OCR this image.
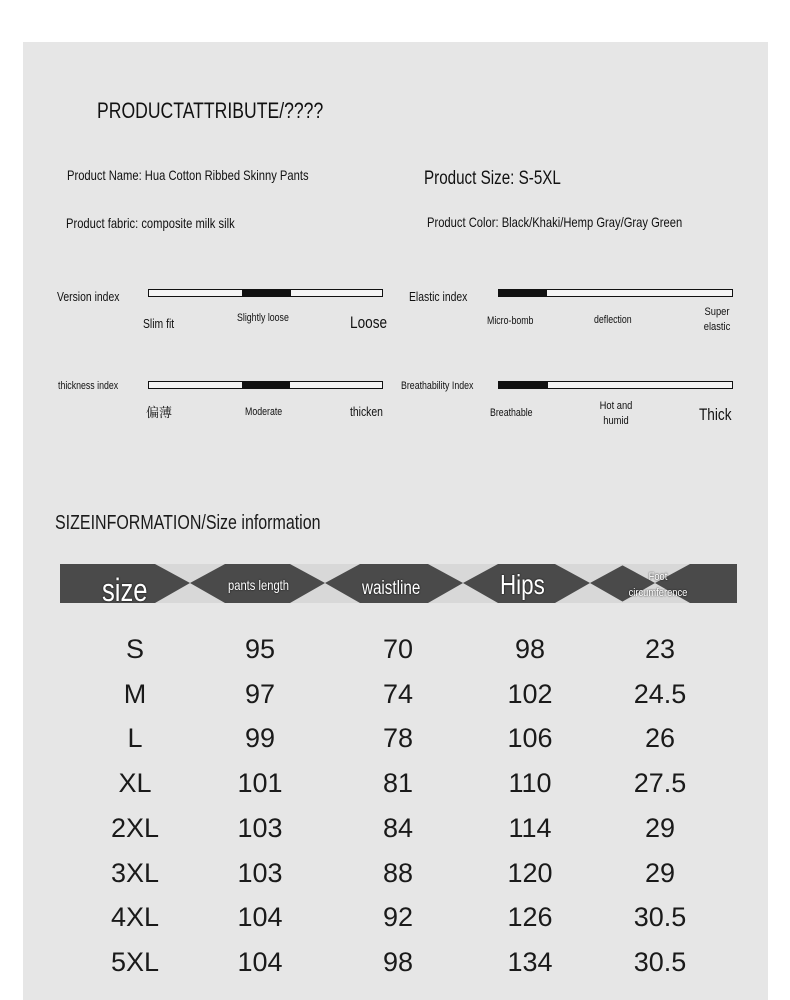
PRODUCTATTRIBUTE/????
Product Name: Hua Cotton Ribbed Skinny Pants	Product Size: S-5XL
Product fabric: composite milk silk	Product Color: Black/Khaki/Hemp Gray/Gray Green
Version index
Slim fit	Slightly loose	Loose
Elastic index
Micro-bomb	deflection
Super elastic
thickness index
偏薄	Moderate	thicken
Breathability Index
Breathable
Hot and humid	Thick
SIZEINFORMATION/Size information
size	pants length	waistline	Hips	Foot circumference
S	95	70	98	23
M	97	74	102	24.5
L	99	78	106	26
XL	101	81	110	27.5
2XL	103	84	114	29
3XL	103	88	120	29
4XL	104	92	126	30.5
5XL	104	98	134	30.5
